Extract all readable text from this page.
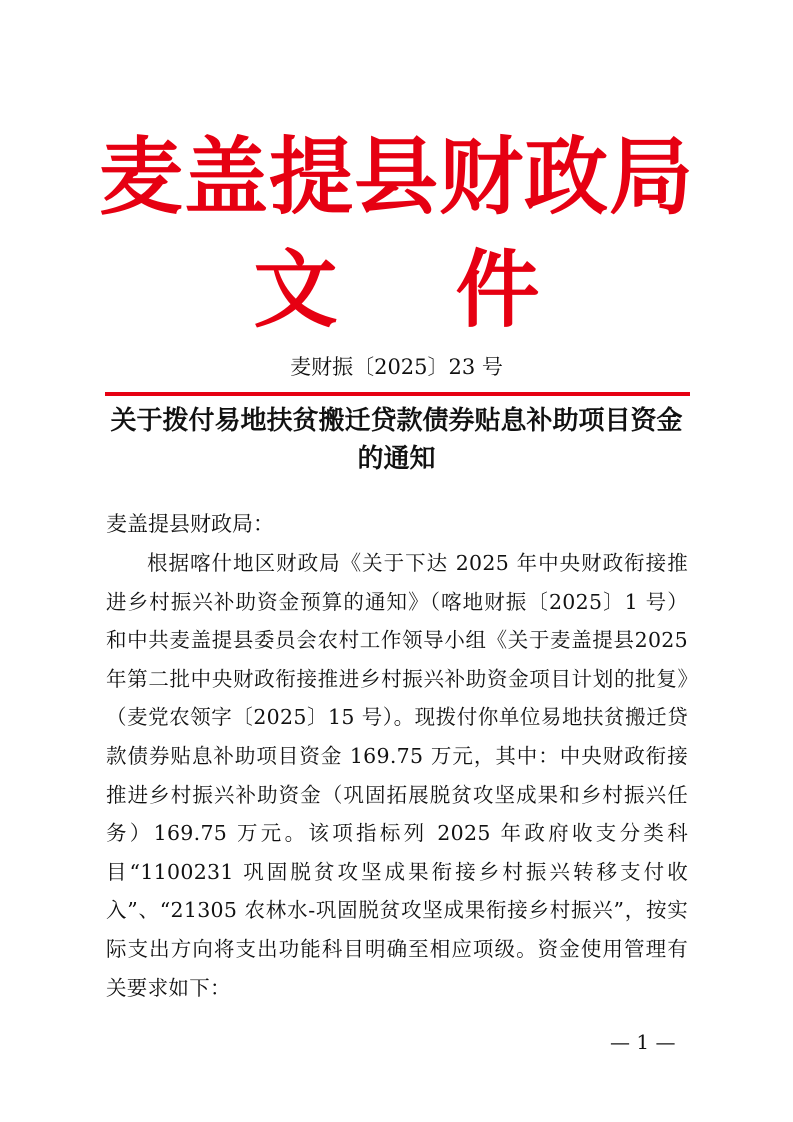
麦盖提县财政局
文 件
麦财振〔2025〕23 号
关于拨付易地扶贫搬迁贷款债券贴息补助项目资金的通知
麦盖提县财政局：
根据喀什地区财政局《关于下达 2025 年中央财政衔接推进乡村振兴补助资金预算的通知》（喀地财振〔2025〕1 号）和中共麦盖提县委员会农村工作领导小组《关于麦盖提县2025年第二批中央财政衔接推进乡村振兴补助资金项目计划的批复》（麦党农领字〔2025〕15 号）。现拨付你单位易地扶贫搬迁贷款债券贴息补助项目资金 169.75 万元，其中：中央财政衔接推进乡村振兴补助资金（巩固拓展脱贫攻坚成果和乡村振兴任务）169.75 万元。该项指标列 2025 年政府收支分类科目“1100231 巩固脱贫攻坚成果衔接乡村振兴转移支付收入”、“21305 农林水-巩固脱贫攻坚成果衔接乡村振兴”，按实际支出方向将支出功能科目明确至相应项级。资金使用管理有关要求如下：
— 1 —
